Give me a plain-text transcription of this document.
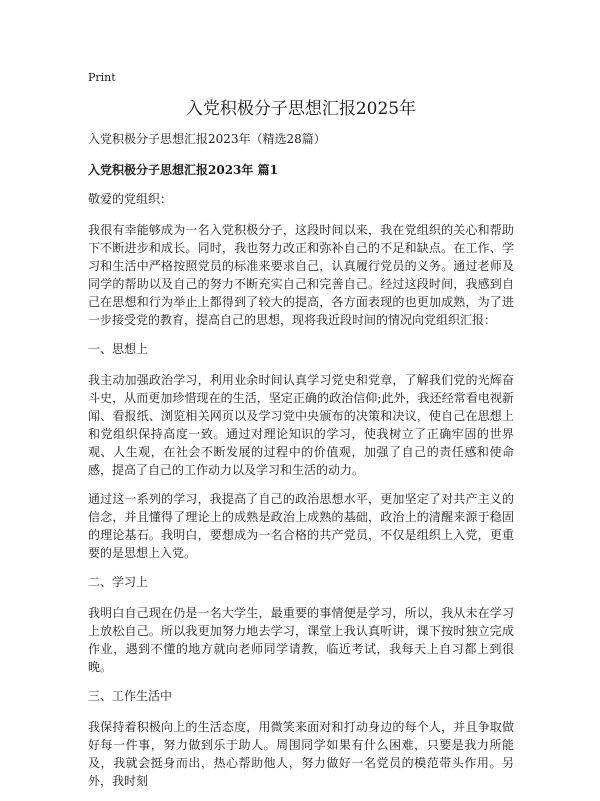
Print
入党积极分子思想汇报2025年
入党积极分子思想汇报2023年（精选28篇）
入党积极分子思想汇报2023年 篇1

敬爱的党组织：

我很有幸能够成为一名入党积极分子，这段时间以来，我在党组织的关心和帮助下不断进步和成长。同时，我也努力改正和弥补自己的不足和缺点。在工作、学习和生活中严格按照党员的标准来要求自己，认真履行党员的义务。通过老师及同学的帮助以及自己的努力不断充实自己和完善自己。经过这段时间，我感到自己在思想和行为举止上都得到了较大的提高，各方面表现的也更加成熟，为了进一步接受党的教育，提高自己的思想，现将我近段时间的情况向党组织汇报：

一、思想上

我主动加强政治学习，利用业余时间认真学习党史和党章，了解我们党的光辉奋斗史，从而更加珍惜现在的生活，坚定正确的政治信仰;此外，我还经常看电视新闻、看报纸、浏览相关网页以及学习党中央颁布的决策和决议，使自己在思想上和党组织保持高度一致。通过对理论知识的学习，使我树立了正确牢固的世界观、人生观，在社会不断发展的过程中的价值观，加强了自己的责任感和使命感，提高了自己的工作动力以及学习和生活的动力。

通过这一系列的学习，我提高了自己的政治思想水平，更加坚定了对共产主义的信念，并且懂得了理论上的成熟是政治上成熟的基础，政治上的清醒来源于稳固的理论基石。我明白，要想成为一名合格的共产党员，不仅是组织上入党，更重要的是思想上入党。

二、学习上

我明白自己现在仍是一名大学生，最重要的事情便是学习，所以，我从未在学习上放松自己。所以我更加努力地去学习，课堂上我认真听讲，课下按时独立完成作业，遇到不懂的地方就向老师同学请教，临近考试，我每天上自习都上到很晚。

三、工作生活中

我保持着积极向上的生活态度，用微笑来面对和打动身边的每个人，并且争取做好每一件事，努力做到乐于助人。周围同学如果有什么困难，只要是我力所能及，我就会挺身而出，热心帮助他人，努力做好一名党员的模范带头作用。另外，我时刻
